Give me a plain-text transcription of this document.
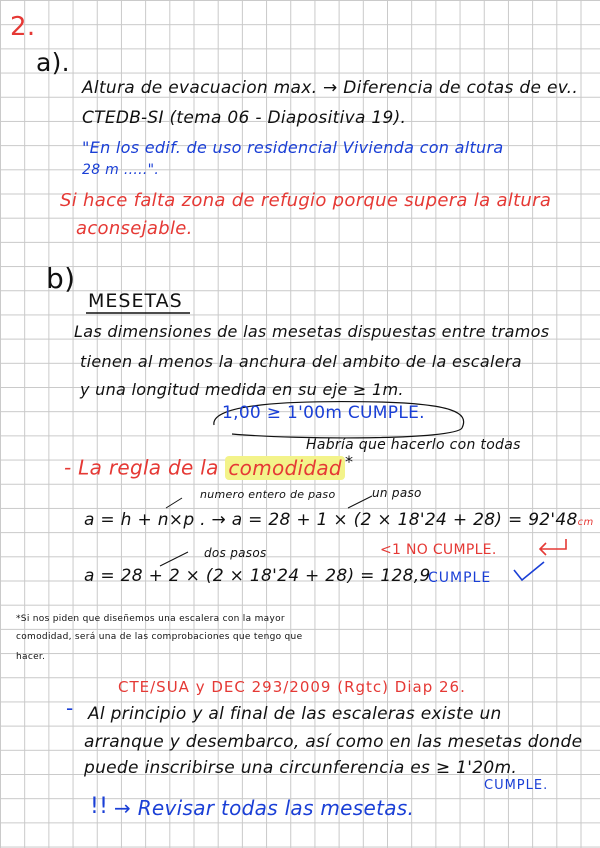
2.
a).
Altura de evacuacion max. → Diferencia de cotas de ev..
CTEDB-SI (tema 06 - Diapositiva 19).
"En los edif. de uso residencial Vivienda con altura
28 m .....".
Si hace falta zona de refugio porque supera la altura
aconsejable.
b)
MESETAS
Las dimensiones de las mesetas dispuestas entre tramos
tienen al menos la anchura del ambito de la escalera
y una longitud medida en su eje ≥ 1m.
1,00 ≥ 1'00m CUMPLE.
Habría que hacerlo con todas
- La regla de la comodidad *
numero entero de paso	un paso
a = h + n×p . → a = 28 + 1 × (2 × 18'24 + 28) = 92'48cm
<1 NO CUMPLE.
dos pasos
a = 28 + 2 × (2 × 18'24 + 28) = 128,9
CUMPLE
*Si nos piden que diseñemos una escalera con la mayor
comodidad, será una de las comprobaciones que tengo que
hacer.
CTE/SUA y DEC 293/2009 (Rgtc) Diap 26.
- Al principio y al final de las escaleras existe un
arranque y desembarco, así como en las mesetas donde
puede inscribirse una circunferencia es ≥ 1'20m.
CUMPLE.
!! → Revisar todas las mesetas.
